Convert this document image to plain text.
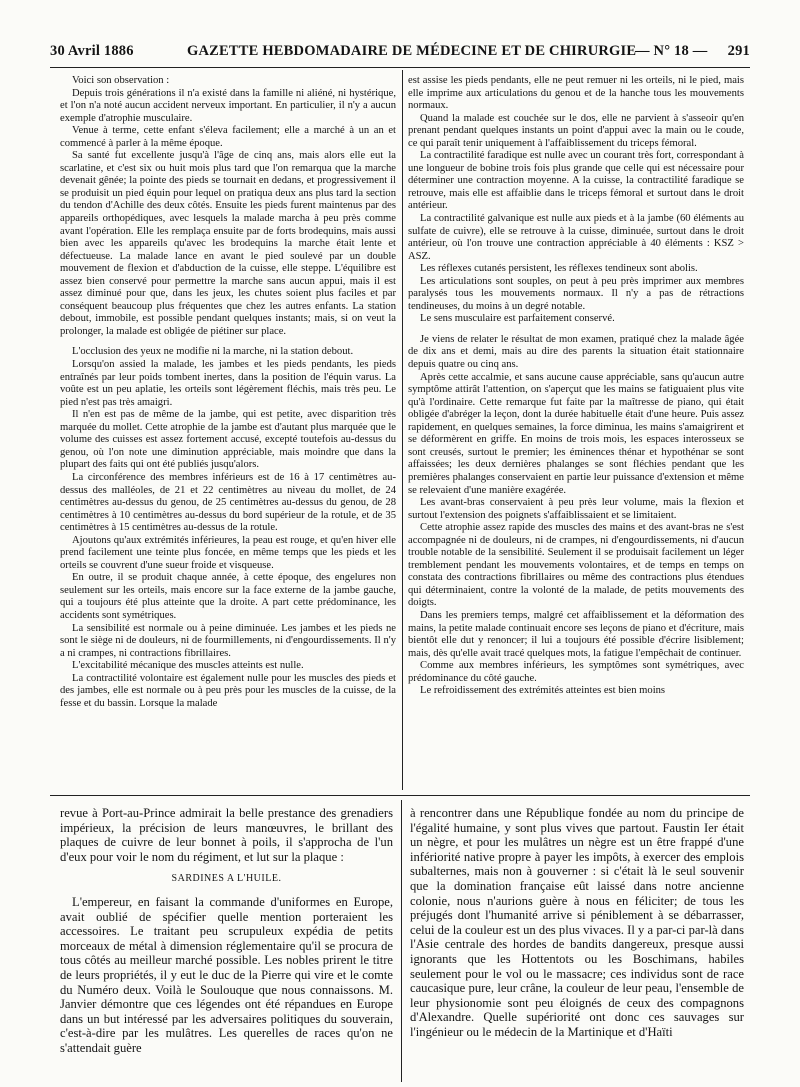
30 Avril 1886	GAZETTE HEBDOMADAIRE DE MÉDECINE ET DE CHIRURGIE
— N° 18 — 291

Voici son observation :

Depuis trois générations il n'a existé dans la famille ni aliéné, ni hystérique, et l'on n'a noté aucun accident nerveux important. En particulier, il n'y a aucun exemple d'atrophie musculaire.

Venue à terme, cette enfant s'éleva facilement; elle a marché à un an et commencé à parler à la même époque.

Sa santé fut excellente jusqu'à l'âge de cinq ans, mais alors elle eut la scarlatine, et c'est six ou huit mois plus tard que l'on remarqua que la marche devenait gênée; la pointe des pieds se tournait en dedans, et progressivement il se produisit un pied équin pour lequel on pratiqua deux ans plus tard la section du tendon d'Achille des deux côtés. Ensuite les pieds furent maintenus par des appareils orthopédiques, avec lesquels la malade marcha à peu près comme avant l'opération. Elle les remplaça ensuite par de forts brodequins, mais aussi bien avec les appareils qu'avec les brodequins la marche était lente et défectueuse. La malade lance en avant le pied soulevé par un double mouvement de flexion et d'abduction de la cuisse, elle steppe. L'équilibre est assez bien conservé pour permettre la marche sans aucun appui, mais il est assez diminué pour que, dans les jeux, les chutes soient plus faciles et par conséquent beaucoup plus fréquentes que chez les autres enfants. La station debout, immobile, est possible pendant quelques instants; mais, si on veut la prolonger, la malade est obligée de piétiner sur place.

L'occlusion des yeux ne modifie ni la marche, ni la station debout.

Lorsqu'on assied la malade, les jambes et les pieds pendants, les pieds entraînés par leur poids tombent inertes, dans la position de l'équin varus. La voûte est un peu aplatie, les orteils sont légèrement fléchis, mais très peu. Le pied n'est pas très amaigri.

Il n'en est pas de même de la jambe, qui est petite, avec disparition très marquée du mollet. Cette atrophie de la jambe est d'autant plus marquée que le volume des cuisses est assez fortement accusé, excepté toutefois au-dessus du genou, où l'on note une diminution appréciable, mais moindre que dans la plupart des faits qui ont été publiés jusqu'alors.

La circonférence des membres inférieurs est de 16 à 17 centimètres au-dessus des malléoles, de 21 et 22 centimètres au niveau du mollet, de 24 centimètres au-dessus du genou, de 25 centimètres au-dessus du genou, de 28 centimètres à 10 centimètres au-dessus du bord supérieur de la rotule, et de 35 centimètres à 15 centimètres au-dessus de la rotule.

Ajoutons qu'aux extrémités inférieures, la peau est rouge, et qu'en hiver elle prend facilement une teinte plus foncée, en même temps que les pieds et les orteils se couvrent d'une sueur froide et visqueuse.

En outre, il se produit chaque année, à cette époque, des engelures non seulement sur les orteils, mais encore sur la face externe de la jambe gauche, qui a toujours été plus atteinte que la droite. A part cette prédominance, les accidents sont symétriques.

La sensibilité est normale ou à peine diminuée. Les jambes et les pieds ne sont le siège ni de douleurs, ni de fourmillements, ni d'engourdissements. Il n'y a ni crampes, ni contractions fibrillaires.

L'excitabilité mécanique des muscles atteints est nulle.

La contractilité volontaire est également nulle pour les muscles des pieds et des jambes, elle est normale ou à peu près pour les muscles de la cuisse, de la fesse et du bassin. Lorsque la malade

est assise les pieds pendants, elle ne peut remuer ni les orteils, ni le pied, mais elle imprime aux articulations du genou et de la hanche tous les mouvements normaux.

Quand la malade est couchée sur le dos, elle ne parvient à s'asseoir qu'en prenant pendant quelques instants un point d'appui avec la main ou le coude, ce qui paraît tenir uniquement à l'affaiblissement du triceps fémoral.

La contractilité faradique est nulle avec un courant très fort, correspondant à une longueur de bobine trois fois plus grande que celle qui est nécessaire pour déterminer une contraction moyenne. A la cuisse, la contractilité faradique se retrouve, mais elle est affaiblie dans le triceps fémoral et surtout dans le droit antérieur.

La contractilité galvanique est nulle aux pieds et à la jambe (60 éléments au sulfate de cuivre), elle se retrouve à la cuisse, diminuée, surtout dans le droit antérieur, où l'on trouve une contraction appréciable à 40 éléments : KSZ > ASZ.

Les réflexes cutanés persistent, les réflexes tendineux sont abolis.

Les articulations sont souples, on peut à peu près imprimer aux membres paralysés tous les mouvements normaux. Il n'y a pas de rétractions tendineuses, du moins à un degré notable.

Le sens musculaire est parfaitement conservé.

Je viens de relater le résultat de mon examen, pratiqué chez la malade âgée de dix ans et demi, mais au dire des parents la situation était stationnaire depuis quatre ou cinq ans.

Après cette accalmie, et sans aucune cause appréciable, sans qu'aucun autre symptôme attirât l'attention, on s'aperçut que les mains se fatiguaient plus vite qu'à l'ordinaire. Cette remarque fut faite par la maîtresse de piano, qui était obligée d'abréger la leçon, dont la durée habituelle était d'une heure. Puis assez rapidement, en quelques semaines, la force diminua, les mains s'amaigrirent et se déformèrent en griffe. En moins de trois mois, les espaces interosseux se sont creusés, surtout le premier; les éminences thénar et hypothénar se sont affaissées; les deux dernières phalanges se sont fléchies pendant que les premières phalanges conservaient en partie leur puissance d'extension et même se relevaient d'une manière exagérée.

Les avant-bras conservaient à peu près leur volume, mais la flexion et surtout l'extension des poignets s'affaiblissaient et se limitaient.

Cette atrophie assez rapide des muscles des mains et des avant-bras ne s'est accompagnée ni de douleurs, ni de crampes, ni d'engourdissements, ni d'aucun trouble notable de la sensibilité. Seulement il se produisait facilement un léger tremblement pendant les mouvements volontaires, et de temps en temps on constata des contractions fibrillaires ou même des contractions plus étendues qui déterminaient, contre la volonté de la malade, de petits mouvements des doigts.

Dans les premiers temps, malgré cet affaiblissement et la déformation des mains, la petite malade continuait encore ses leçons de piano et d'écriture, mais bientôt elle dut y renoncer; il lui a toujours été possible d'écrire lisiblement; mais, dès qu'elle avait tracé quelques mots, la fatigue l'empêchait de continuer.

Comme aux membres inférieurs, les symptômes sont symétriques, avec prédominance du côté gauche.

Le refroidissement des extrémités atteintes est bien moins

revue à Port-au-Prince admirait la belle prestance des grenadiers impérieux, la précision de leurs manœuvres, le brillant des plaques de cuivre de leur bonnet à poils, il s'approcha de l'un d'eux pour voir le nom du régiment, et lut sur la plaque :

SARDINES A L'HUILE.

L'empereur, en faisant la commande d'uniformes en Europe, avait oublié de spécifier quelle mention porteraient les accessoires. Le traitant peu scrupuleux expédia de petits morceaux de métal à dimension réglementaire qu'il se procura de tous côtés au meilleur marché possible. Les nobles prirent le titre de leurs propriétés, il y eut le duc de la Pierre qui vire et le comte du Numéro deux. Voilà le Soulouque que nous connaissons. M. Janvier démontre que ces légendes ont été répandues en Europe dans un but intéressé par les adversaires politiques du souverain, c'est-à-dire par les mulâtres. Les querelles de races qu'on ne s'attendait guère

à rencontrer dans une République fondée au nom du principe de l'égalité humaine, y sont plus vives que partout. Faustin Ier était un nègre, et pour les mulâtres un nègre est un être frappé d'une infériorité native propre à payer les impôts, à exercer des emplois subalternes, mais non à gouverner : si c'était là le seul souvenir que la domination française eût laissé dans notre ancienne colonie, nous n'aurions guère à nous en féliciter; de tous les préjugés dont l'humanité arrive si péniblement à se débarrasser, celui de la couleur est un des plus vivaces. Il y a par-ci par-là dans l'Asie centrale des hordes de bandits dangereux, presque aussi ignorants que les Hottentots ou les Boschimans, habiles seulement pour le vol ou le massacre; ces individus sont de race caucasique pure, leur crâne, la couleur de leur peau, l'ensemble de leur physionomie sont peu éloignés de ceux des compagnons d'Alexandre. Quelle supériorité ont donc ces sauvages sur l'ingénieur ou le médecin de la Martinique et d'Haïti
